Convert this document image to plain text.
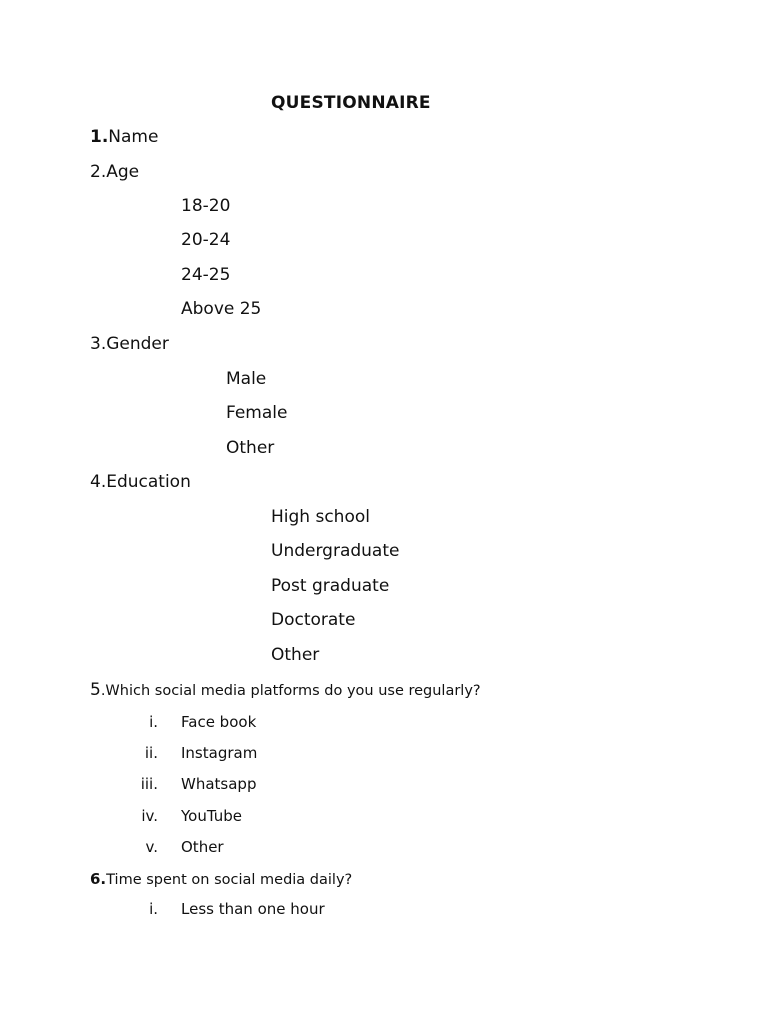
QUESTIONNAIRE
1.Name
2.Age
18-20
20-24
24-25
Above 25
3.Gender
Male
Female
Other
4.Education
High school
Undergraduate
Post graduate
Doctorate
Other
5.Which social media platforms do you use regularly?
i. Face book
ii. Instagram
iii. Whatsapp
iv. YouTube
v. Other
6.Time spent on social media daily?
i. Less than one hour
